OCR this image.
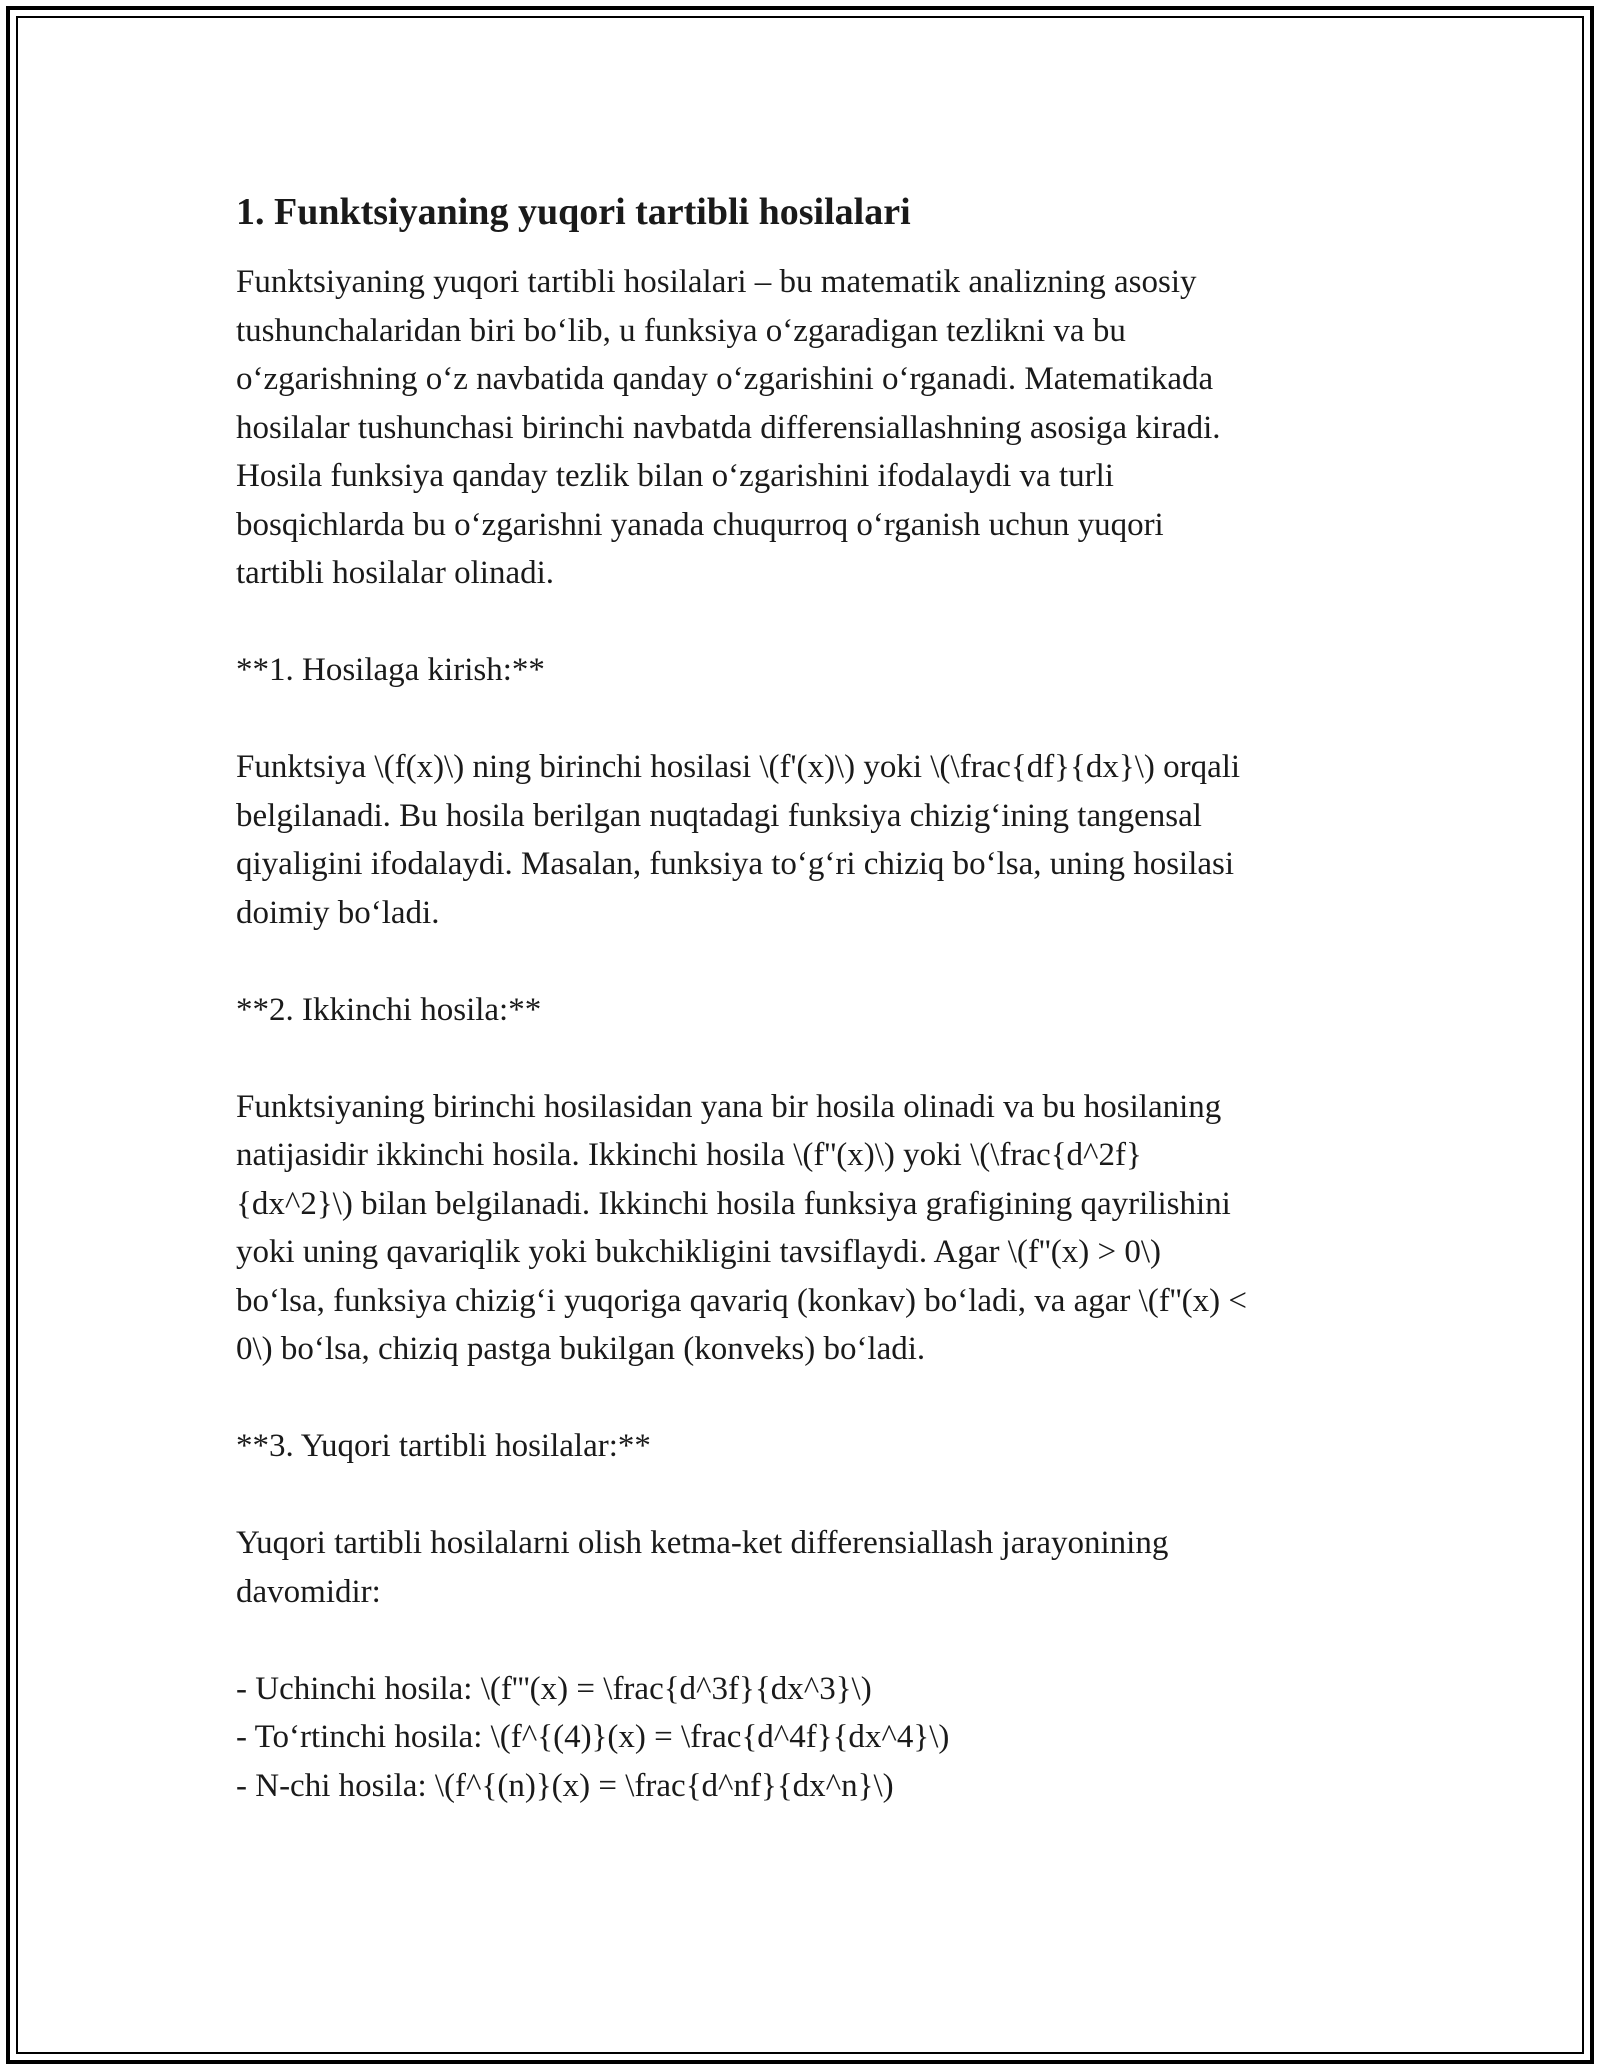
1. Funktsiyaning yuqori tartibli hosilalari
Funktsiyaning yuqori tartibli hosilalari – bu matematik analizning asosiy
tushunchalaridan biri bo‘lib, u funksiya o‘zgaradigan tezlikni va bu
o‘zgarishning o‘z navbatida qanday o‘zgarishini o‘rganadi. Matematikada
hosilalar tushunchasi birinchi navbatda differensiallashning asosiga kiradi.
Hosila funksiya qanday tezlik bilan o‘zgarishini ifodalaydi va turli
bosqichlarda bu o‘zgarishni yanada chuqurroq o‘rganish uchun yuqori
tartibli hosilalar olinadi.
**1. Hosilaga kirish:**
Funktsiya \(f(x)\) ning birinchi hosilasi \(f'(x)\) yoki \(\frac{df}{dx}\) orqali
belgilanadi. Bu hosila berilgan nuqtadagi funksiya chizig‘ining tangensal
qiyaligini ifodalaydi. Masalan, funksiya to‘g‘ri chiziq bo‘lsa, uning hosilasi
doimiy bo‘ladi.
**2. Ikkinchi hosila:**
Funktsiyaning birinchi hosilasidan yana bir hosila olinadi va bu hosilaning
natijasidir ikkinchi hosila. Ikkinchi hosila \(f''(x)\) yoki \(\frac{d^2f}
{dx^2}\) bilan belgilanadi. Ikkinchi hosila funksiya grafigining qayrilishini
yoki uning qavariqlik yoki bukchikligini tavsiflaydi. Agar \(f''(x) > 0\)
bo‘lsa, funksiya chizig‘i yuqoriga qavariq (konkav) bo‘ladi, va agar \(f''(x) <
0\) bo‘lsa, chiziq pastga bukilgan (konveks) bo‘ladi.
**3. Yuqori tartibli hosilalar:**
Yuqori tartibli hosilalarni olish ketma-ket differensiallash jarayonining
davomidir:
- Uchinchi hosila: \(f'''(x) = \frac{d^3f}{dx^3}\)
- To‘rtinchi hosila: \(f^{(4)}(x) = \frac{d^4f}{dx^4}\)
- N-chi hosila: \(f^{(n)}(x) = \frac{d^nf}{dx^n}\)
